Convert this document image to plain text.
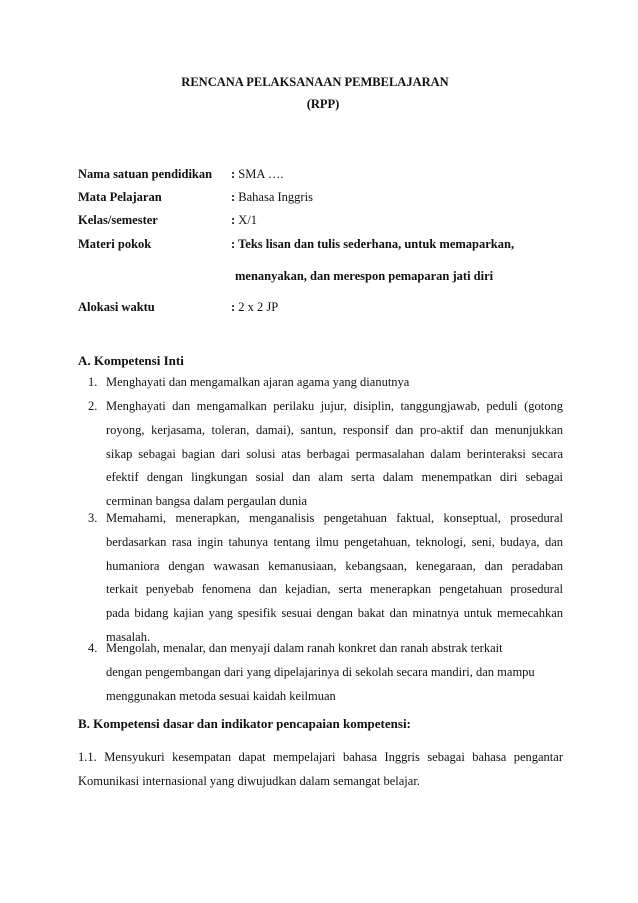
RENCANA PELAKSANAAN PEMBELAJARAN
(RPP)
Nama satuan pendidikan : SMA ….
Mata Pelajaran	: Bahasa Inggris
Kelas/semester	: X/1
Materi pokok	: Teks lisan dan tulis sederhana, untuk memaparkan,
menanyakan, dan merespon pemaparan jati diri
Alokasi waktu	: 2 x 2 JP
A. Kompetensi Inti
1. Menghayati dan mengamalkan ajaran agama yang dianutnya
2. Menghayati dan mengamalkan perilaku jujur, disiplin, tanggungjawab, peduli (gotong
royong, kerjasama, toleran, damai), santun, responsif dan pro-aktif dan menunjukkan
sikap sebagai bagian dari solusi atas berbagai permasalahan dalam berinteraksi secara
efektif dengan lingkungan sosial dan alam serta dalam menempatkan diri sebagai
cerminan bangsa dalam pergaulan dunia
3. Memahami, menerapkan, menganalisis pengetahuan faktual, konseptual, prosedural
berdasarkan rasa ingin tahunya tentang ilmu pengetahuan, teknologi, seni, budaya, dan
humaniora dengan wawasan kemanusiaan, kebangsaan, kenegaraan, dan peradaban
terkait penyebab fenomena dan kejadian, serta menerapkan pengetahuan prosedural
pada bidang kajian yang spesifik sesuai dengan bakat dan minatnya untuk memecahkan
masalah.
4. Mengolah, menalar, dan menyaji dalam ranah konkret dan ranah abstrak terkait
dengan pengembangan dari yang dipelajarinya di sekolah secara mandiri, dan mampu
menggunakan metoda sesuai kaidah keilmuan
B. Kompetensi dasar dan indikator pencapaian kompetensi:
1.1. Mensyukuri kesempatan dapat mempelajari bahasa Inggris sebagai bahasa pengantar
Komunikasi internasional yang diwujudkan dalam semangat belajar.
